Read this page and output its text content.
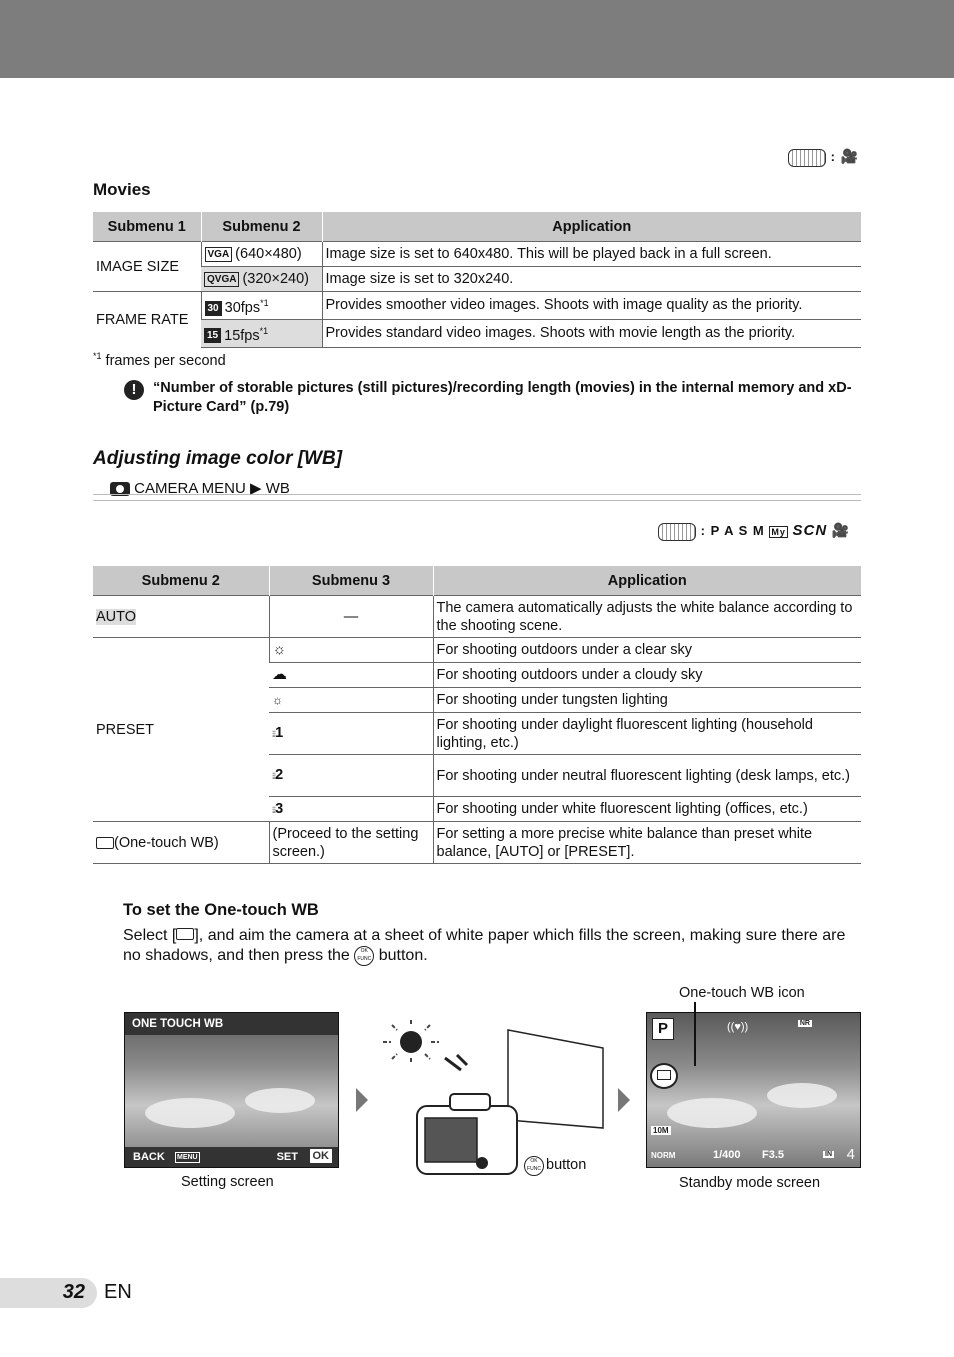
: 🎥
Movies
Submenu 1	Submenu 2	Application
IMAGE SIZE	VGA (640×480)	Image size is set to 640x480. This will be played back in a full screen.
	QVGA (320×240)	Image size is set to 320x240.
FRAME RATE	30 30fps$^{*1}$	Provides smoother video images. Shoots with image quality as the priority.
	15 15fps$^{*1}$	Provides standard video images. Shoots with movie length as the priority.
$^{*1}$ frames per second
!	“Number of storable pictures (still pictures)/recording length (movies) in the internal memory and xD-Picture Card” (p.79)
Adjusting image color [WB]
CAMERA MENU ▶ WB
: P A S M My SCN 🎥
Submenu 2	Submenu 3	Application
AUTO	—	The camera automatically adjusts the white balance according to the shooting scene.
PRESET	☼	For shooting outdoors under a clear sky
	☁	For shooting outdoors under a cloudy sky
	☼	For shooting under tungsten lighting
	⦙⦙⦙1	For shooting under daylight fluorescent lighting (household lighting, etc.)
	⦙⦙⦙2	For shooting under neutral fluorescent lighting (desk lamps, etc.)
	⦙⦙⦙3	For shooting under white fluorescent lighting (offices, etc.)
(One-touch WB)	(Proceed to the setting screen.)	For setting a more precise white balance than preset white balance, [AUTO] or [PRESET].
To set the One-touch WB
Select [ ], and aim the camera at a sheet of white paper which fills the screen, making sure there are no shadows, and then press the OK FUNC button.
ONE TOUCH WB
BACK MENU	SET OK
Setting screen
OK FUNC button
One-touch WB icon
P	((♥))	NR
10M
NORM	1/400 F3.5	IN 4
Standby mode screen
32 EN
